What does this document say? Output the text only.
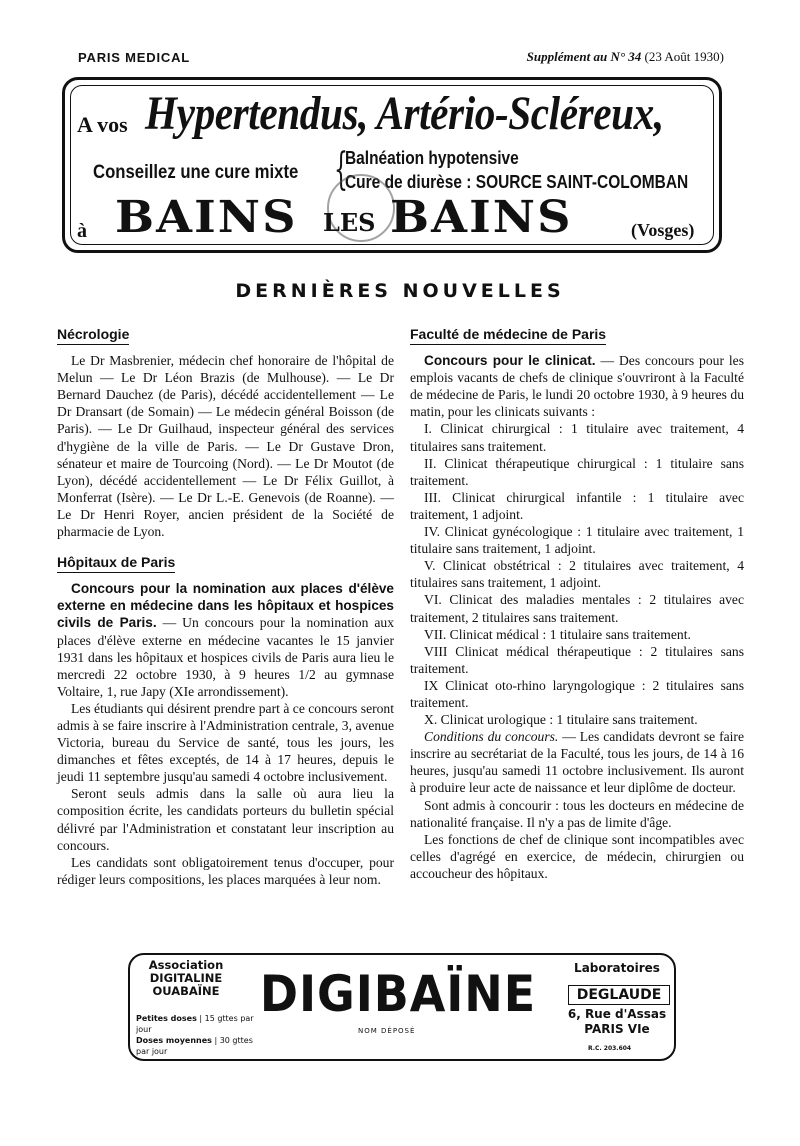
PARIS MEDICAL	Supplément au N° 34 (23 Août 1930)
A vos Hypertendus, Artério-Scléreux,
Conseillez une cure mixte {
Balnéation hypotensive
Cure de diurèse : SOURCE SAINT-COLOMBAN
à BAINS LES BAINS	(Vosges)
DERNIÈRES NOUVELLES
Nécrologie

Le Dr Masbrenier, médecin chef honoraire de l'hôpital de Melun — Le Dr Léon Brazis (de Mulhouse). — Le Dr Bernard Dauchez (de Paris), décédé accidentellement — Le Dr Dransart (de Somain) — Le médecin général Boisson (de Paris). — Le Dr Guilhaud, inspecteur général des services d'hygiène de la ville de Paris. — Le Dr Gustave Dron, sénateur et maire de Tourcoing (Nord). — Le Dr Moutot (de Lyon), décédé accidentellement — Le Dr Félix Guillot, à Monferrat (Isère). — Le Dr L.-E. Genevois (de Roanne). — Le Dr Henri Royer, ancien président de la Société de pharmacie de Lyon.

Hôpitaux de Paris

Concours pour la nomination aux places d'élève externe en médecine dans les hôpitaux et hospices civils de Paris. — Un concours pour la nomination aux places d'élève externe en médecine vacantes le 15 janvier 1931 dans les hôpitaux et hospices civils de Paris aura lieu le mercredi 22 octobre 1930, à 9 heures 1/2 au gymnase Voltaire, 1, rue Japy (XIe arrondissement).

Les étudiants qui désirent prendre part à ce concours seront admis à se faire inscrire à l'Administration centrale, 3, avenue Victoria, bureau du Service de santé, tous les jours, les dimanches et fêtes exceptés, de 14 à 17 heures, depuis le jeudi 11 septembre jusqu'au samedi 4 octobre inclusivement.

Seront seuls admis dans la salle où aura lieu la composition écrite, les candidats porteurs du bulletin spécial délivré par l'Administration et constatant leur inscription au concours.

Les candidats sont obligatoirement tenus d'occuper, pour rédiger leurs compositions, les places marquées à leur nom.

Faculté de médecine de Paris

Concours pour le clinicat. — Des concours pour les emplois vacants de chefs de clinique s'ouvriront à la Faculté de médecine de Paris, le lundi 20 octobre 1930, à 9 heures du matin, pour les clinicats suivants :

I. Clinicat chirurgical : 1 titulaire avec traitement, 4 titulaires sans traitement.

II. Clinicat thérapeutique chirurgical : 1 titulaire sans traitement.

III. Clinicat chirurgical infantile : 1 titulaire avec traitement, 1 adjoint.

IV. Clinicat gynécologique : 1 titulaire avec traitement, 1 titulaire sans traitement, 1 adjoint.

V. Clinicat obstétrical : 2 titulaires avec traitement, 4 titulaires sans traitement, 1 adjoint.

VI. Clinicat des maladies mentales : 2 titulaires avec traitement, 2 titulaires sans traitement.

VII. Clinicat médical : 1 titulaire sans traitement.

VIII Clinicat médical thérapeutique : 2 titulaires sans traitement.

IX Clinicat oto-rhino laryngologique : 2 titulaires sans traitement.

X. Clinicat urologique : 1 titulaire sans traitement.

Conditions du concours. — Les candidats devront se faire inscrire au secrétariat de la Faculté, tous les jours, de 14 à 16 heures, jusqu'au samedi 11 octobre inclusivement. Ils auront à produire leur acte de naissance et leur diplôme de docteur.

Sont admis à concourir : tous les docteurs en médecine de nationalité française. Il n'y a pas de limite d'âge.

Les fonctions de chef de clinique sont incompatibles avec celles d'agrégé en exercice, de médecin, chirurgien ou accoucheur des hôpitaux.

Association
DIGITALINE
OUABAÏNE
Petites doses | 15 gttes par jour
Doses moyennes | 30 gttes par jour
DIGIBAÏNE
NOM DÉPOSÉ
Laboratoires
DEGLAUDE
6, Rue d'Assas
PARIS VIe
R.C. 203.604
